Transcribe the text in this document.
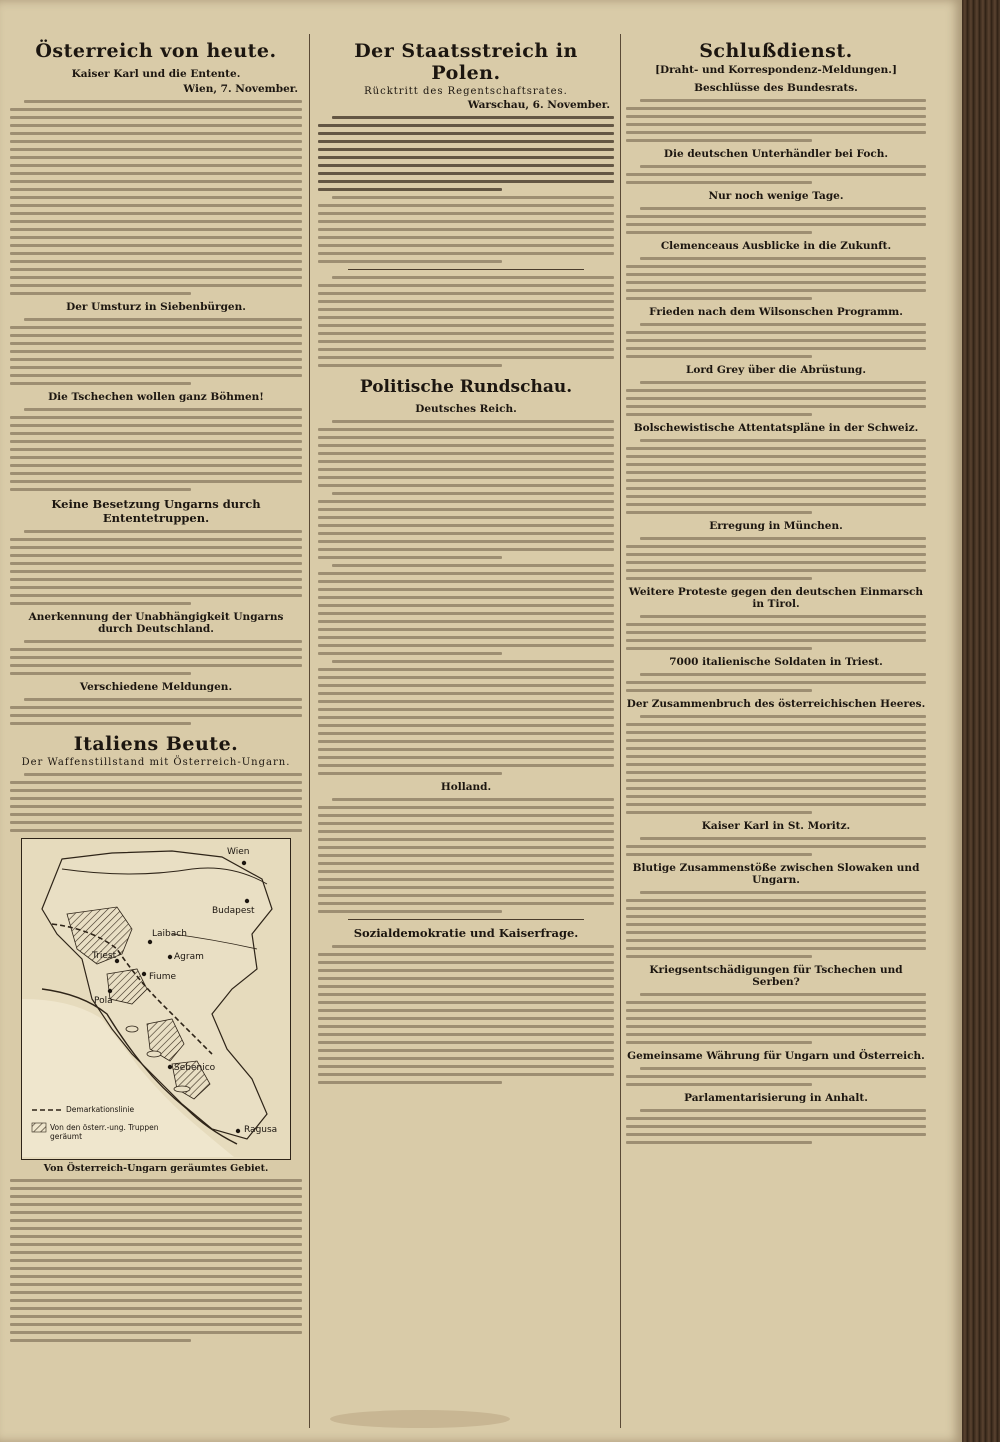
Österreich von heute.
Kaiser Karl und die Entente.
Wien, 7. November.
Der Umsturz in Siebenbürgen.
Die Tschechen wollen ganz Böhmen!
Keine Besetzung Ungarns durch Ententetruppen.
Anerkennung der Unabhängigkeit Ungarns durch Deutschland.
Verschiedene Meldungen.
Italiens Beute.
Der Waffenstillstand mit Österreich-Ungarn.
Wien
Budapest
Laibach
Agram
Triest
Fiume
Pola
Sebenico
Ragusa
Demarkationslinie
Von den österr.-ung. Truppen geräumt
Von Österreich-Ungarn geräumtes Gebiet.
Der Staatsstreich in Polen.
Rücktritt des Regentschaftsrates.
Warschau, 6. November.
Politische Rundschau.
Deutsches Reich.
Holland.
Sozialdemokratie und Kaiserfrage.
Schlußdienst.
[Draht- und Korrespondenz-Meldungen.]
Beschlüsse des Bundesrats.
Die deutschen Unterhändler bei Foch.
Nur noch wenige Tage.
Clemenceaus Ausblicke in die Zukunft.
Frieden nach dem Wilsonschen Programm.
Lord Grey über die Abrüstung.
Bolschewistische Attentatspläne in der Schweiz.
Erregung in München.
Weitere Proteste gegen den deutschen Einmarsch in Tirol.
7000 italienische Soldaten in Triest.
Der Zusammenbruch des österreichischen Heeres.
Kaiser Karl in St. Moritz.
Blutige Zusammenstöße zwischen Slowaken und Ungarn.
Kriegsentschädigungen für Tschechen und Serben?
Gemeinsame Währung für Ungarn und Österreich.
Parlamentarisierung in Anhalt.
